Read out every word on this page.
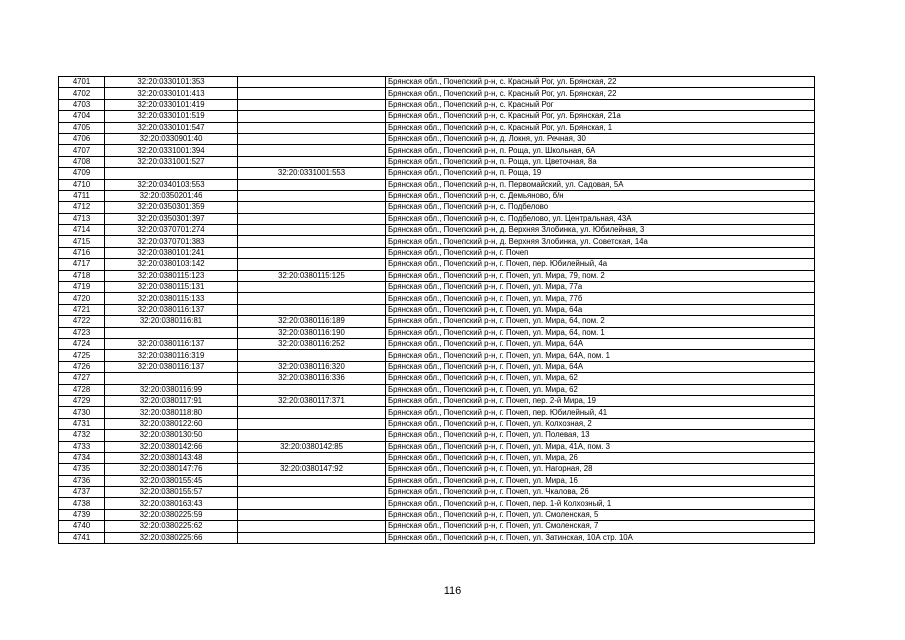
4701	32:20:0330101:353		Брянская обл., Почепский р-н, с. Красный Рог, ул. Брянская, 22
4702	32:20:0330101:413		Брянская обл., Почепский р-н, с. Красный Рог, ул. Брянская, 22
4703	32:20:0330101:419		Брянская обл., Почепский р-н, с. Красный Рог
4704	32:20:0330101:519		Брянская обл., Почепский р-н, с. Красный Рог, ул. Брянская, 21а
4705	32:20:0330101:547		Брянская обл., Почепский р-н, с. Красный Рог, ул. Брянская, 1
4706	32:20:0330901:40		Брянская обл., Почепский р-н, д. Локня, ул. Речная, 30
4707	32:20:0331001:394		Брянская обл., Почепский р-н, п. Роща, ул. Школьная, 6А
4708	32:20:0331001:527		Брянская обл., Почепский р-н, п. Роща, ул. Цветочная, 8а
4709		32:20:0331001:553	Брянская обл., Почепский р-н, п. Роща, 19
4710	32:20:0340103:553		Брянская обл., Почепский р-н, п. Первомайский, ул. Садовая, 5А
4711	32:20:0350201:46		Брянская обл., Почепский р-н, с. Демьяново, б/н
4712	32:20:0350301:359		Брянская обл., Почепский р-н, с. Подбелово
4713	32:20:0350301:397		Брянская обл., Почепский р-н, с. Подбелово, ул. Центральная, 43А
4714	32:20:0370701:274		Брянская обл., Почепский р-н, д. Верхняя Злобинка, ул. Юбилейная, 3
4715	32:20:0370701:383		Брянская обл., Почепский р-н, д. Верхняя Злобинка, ул. Советская, 14а
4716	32:20:0380101:241		Брянская обл., Почепский р-н, г. Почеп
4717	32:20:0380103:142		Брянская обл., Почепский р-н, г. Почеп, пер. Юбилейный, 4а
4718	32:20:0380115:123	32:20:0380115:125	Брянская обл., Почепский р-н, г. Почеп, ул. Мира, 79, пом. 2
4719	32:20:0380115:131		Брянская обл., Почепский р-н, г. Почеп, ул. Мира, 77а
4720	32:20:0380115:133		Брянская обл., Почепский р-н, г. Почеп, ул. Мира, 77б
4721	32:20:0380116:137		Брянская обл., Почепский р-н, г. Почеп, ул. Мира, 64а
4722	32:20:0380116:81	32:20:0380116:189	Брянская обл., Почепский р-н, г. Почеп, ул. Мира, 64, пом. 2
4723		32:20:0380116:190	Брянская обл., Почепский р-н, г. Почеп, ул. Мира, 64, пом. 1
4724	32:20:0380116:137	32:20:0380116:252	Брянская обл., Почепский р-н, г. Почеп, ул. Мира, 64А
4725	32:20:0380116:319		Брянская обл., Почепский р-н, г. Почеп, ул. Мира, 64А, пом. 1
4726	32:20:0380116:137	32:20:0380116:320	Брянская обл., Почепский р-н, г. Почеп, ул. Мира, 64А
4727		32:20:0380116:336	Брянская обл., Почепский р-н, г. Почеп, ул. Мира, 62
4728	32:20:0380116:99		Брянская обл., Почепский р-н, г. Почеп, ул. Мира, 62
4729	32:20:0380117:91	32:20:0380117:371	Брянская обл., Почепский р-н, г. Почеп, пер. 2-й Мира, 19
4730	32:20:0380118:80		Брянская обл., Почепский р-н, г. Почеп, пер. Юбилейный, 41
4731	32:20:0380122:60		Брянская обл., Почепский р-н, г. Почеп, ул. Колхозная, 2
4732	32:20:0380130:50		Брянская обл., Почепский р-н, г. Почеп, ул. Полевая, 13
4733	32:20:0380142:66	32:20:0380142:85	Брянская обл., Почепский р-н, г. Почеп, ул. Мира, 41А, пом. 3
4734	32:20:0380143:48		Брянская обл., Почепский р-н, г. Почеп, ул. Мира, 26
4735	32:20:0380147:76	32:20:0380147:92	Брянская обл., Почепский р-н, г. Почеп, ул. Нагорная, 28
4736	32:20:0380155:45		Брянская обл., Почепский р-н, г. Почеп, ул. Мира, 16
4737	32:20:0380155:57		Брянская обл., Почепский р-н, г. Почеп, ул. Чкалова, 26
4738	32:20:0380163:43		Брянская обл., Почепский р-н, г. Почеп, пер. 1-й Колхозный, 1
4739	32:20:0380225:59		Брянская обл., Почепский р-н, г. Почеп, ул. Смоленская, 5
4740	32:20:0380225:62		Брянская обл., Почепский р-н, г. Почеп, ул. Смоленская, 7
4741	32:20:0380225:66		Брянская обл., Почепский р-н, г. Почеп, ул. Затинская, 10А стр. 10А
116
